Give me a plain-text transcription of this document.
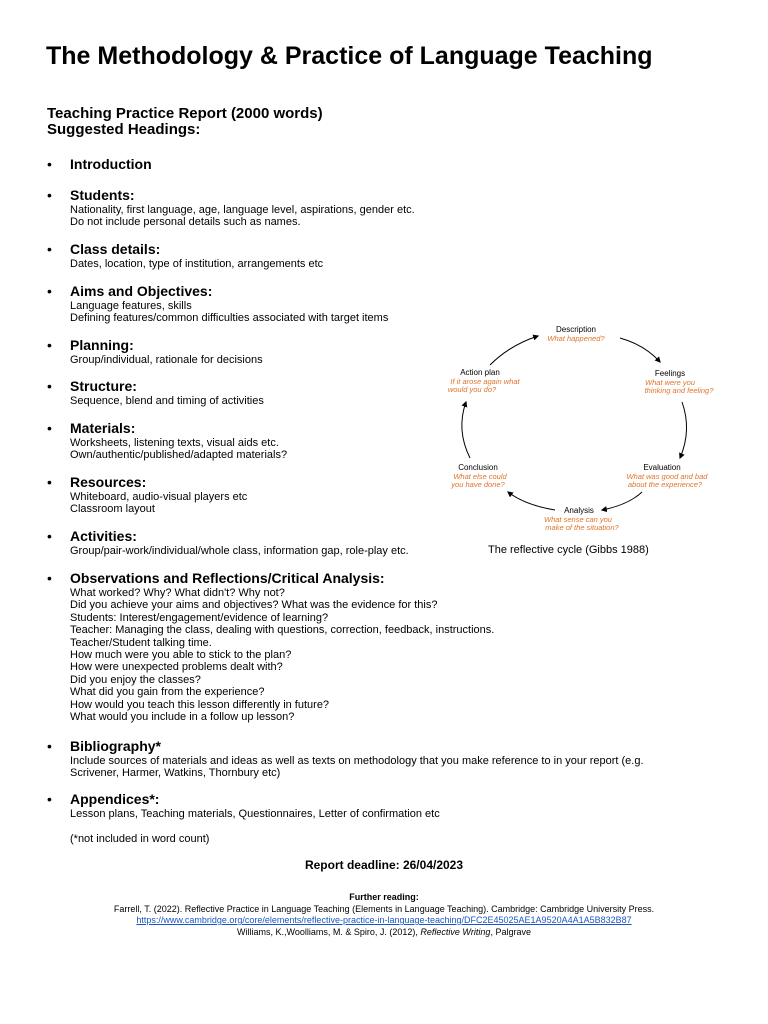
The Methodology & Practice of Language Teaching
Teaching Practice Report (2000 words)
Suggested Headings:
• Introduction
• Students:
Nationality, first language, age, language level, aspirations, gender etc.
Do not include personal details such as names.
• Class details:
Dates, location, type of institution, arrangements etc
• Aims and Objectives:
Language features, skills
Defining features/common difficulties associated with target items
• Planning:
Group/individual, rationale for decisions
• Structure:
Sequence, blend and timing of activities
• Materials:
Worksheets, listening texts, visual aids etc.
Own/authentic/published/adapted materials?
• Resources:
Whiteboard, audio-visual players etc
Classroom layout
• Activities:
Group/pair-work/individual/whole class, information gap, role-play etc.
• Observations and Reflections/Critical Analysis:
What worked? Why? What didn't? Why not?
Did you achieve your aims and objectives? What was the evidence for this?
Students: Interest/engagement/evidence of learning?
Teacher: Managing the class, dealing with questions, correction, feedback, instructions.
Teacher/Student talking time.
How much were you able to stick to the plan?
How were unexpected problems dealt with?
Did you enjoy the classes?
What did you gain from the experience?
How would you teach this lesson differently in future?
What would you include in a follow up lesson?
• Bibliography*
Include sources of materials and ideas as well as texts on methodology that you make reference to in your report (e.g.
Scrivener, Harmer, Watkins, Thornbury etc)
• Appendices*:
Lesson plans, Teaching materials, Questionnaires, Letter of confirmation etc
(*not included in word count)
Report deadline: 26/04/2023
Further reading:
Farrell, T. (2022). Reflective Practice in Language Teaching (Elements in Language Teaching). Cambridge: Cambridge University Press.
https://www.cambridge.org/core/elements/reflective-practice-in-language-teaching/DFC2E45025AE1A9520A4A1A5B832B87
Williams, K.,Woolliams, M. & Spiro, J. (2012), Reflective Writing, Palgrave
Description
What happened?
Feelings
What were you
thinking and feeling?
Evaluation
What was good and bad
about the experience?
Analysis
What sense can you
make of the situation?
Conclusion
What else could
you have done?
Action plan
If it arose again what
would you do?
The reflective cycle (Gibbs 1988)
